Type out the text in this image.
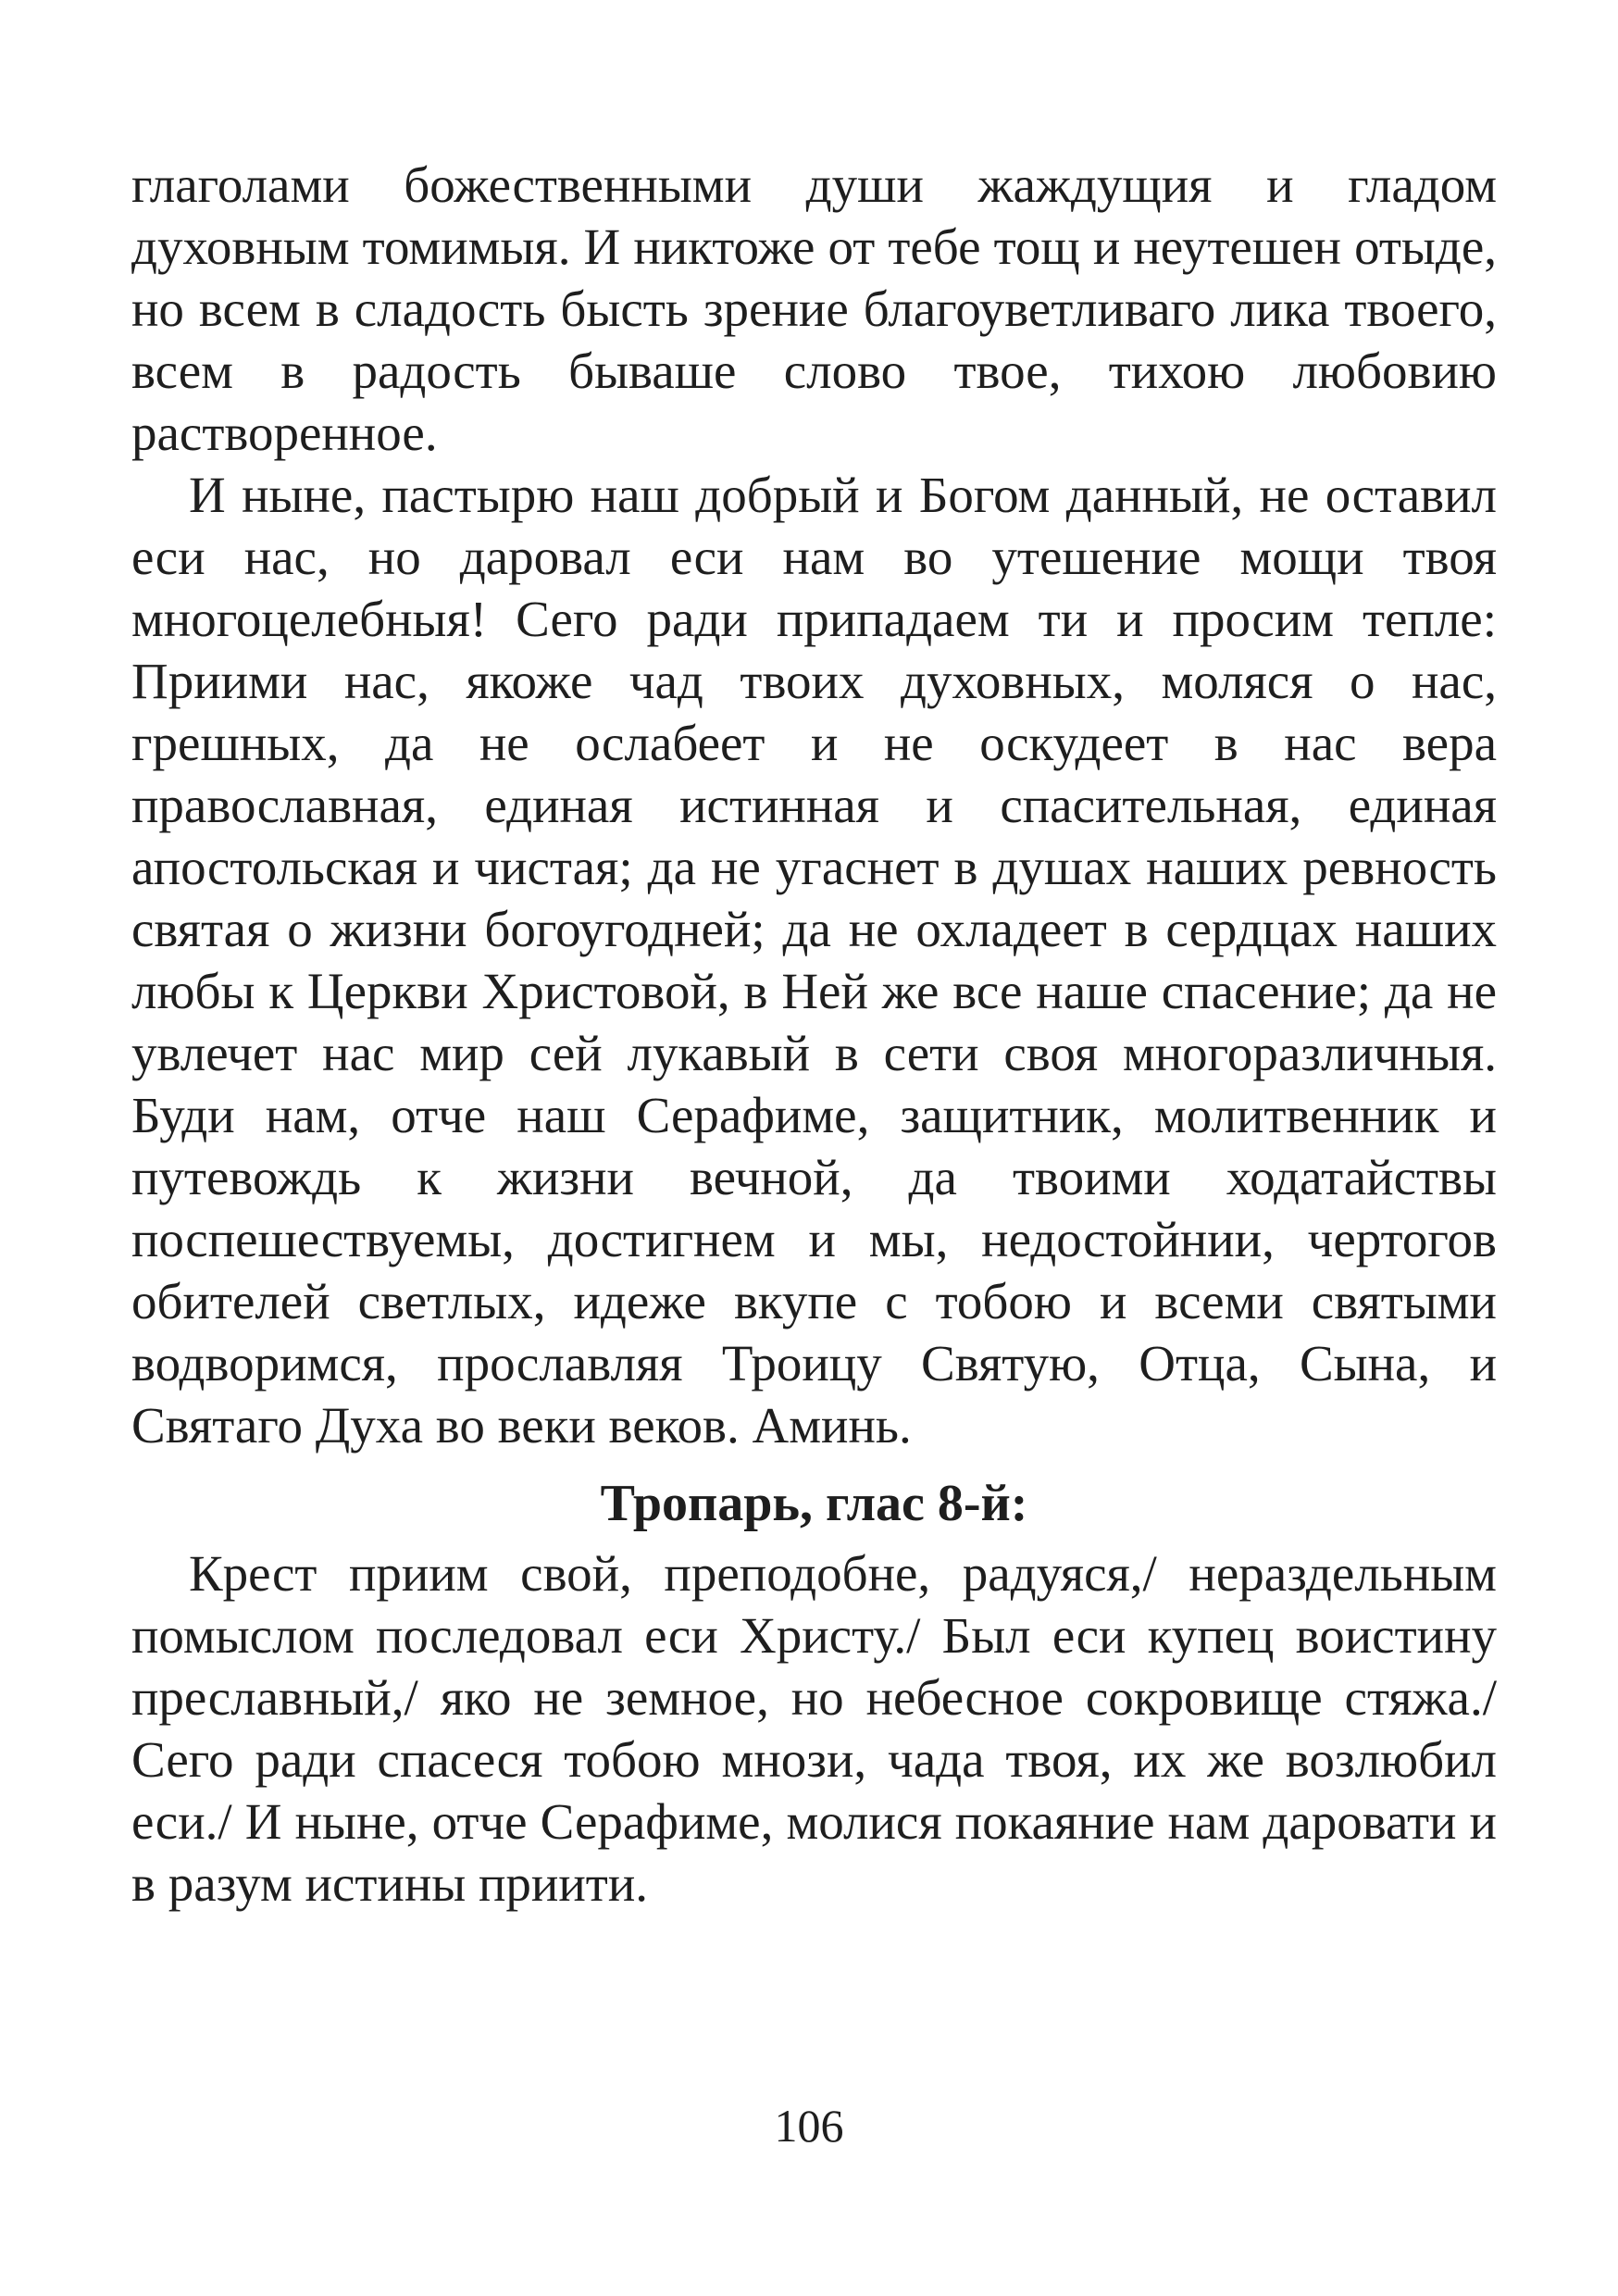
глаголами божественными души жаждущия и гладом духовным томимыя. И никтоже от тебе тощ и неутешен отыде, но всем в сладость бысть зрение благоуветливаго лика твоего, всем в радость бываше слово твое, тихою любовию растворенное.

И ныне, пастырю наш добрый и Богом данный, не оставил еси нас, но даровал еси нам во утешение мощи твоя многоцелебныя! Сего ради припадаем ти и просим тепле: Приими нас, якоже чад твоих духовных, моляся о нас, грешных, да не ослабеет и не оскудеет в нас вера православная, единая истинная и спасительная, единая апостольская и чистая; да не угаснет в душах наших ревность святая о жизни богоугодней; да не охладеет в сердцах наших любы к Церкви Христовой, в Ней же все наше спасение; да не увлечет нас мир сей лукавый в сети своя многоразличныя. Буди нам, отче наш Серафиме, защитник, молитвенник и путевождь к жизни вечной, да твоими ходатайствы поспешествуемы, достигнем и мы, недостойнии, чертогов обителей светлых, идеже вкупе с тобою и всеми святыми водворимся, прославляя Троицу Святую, Отца, Сына, и Святаго Духа во веки веков. Аминь.

Тропарь, глас 8-й:

Крест приим свой, преподобне, радуяся,/ нераздельным помыслом последовал еси Христу./ Был еси купец воистину преславный,/ яко не земное, но небесное сокровище стяжа./ Сего ради спасеся тобою мнози, чада твоя, их же возлюбил еси./ И ныне, отче Серафиме, молися покаяние нам даровати и в разум истины приити.

106
